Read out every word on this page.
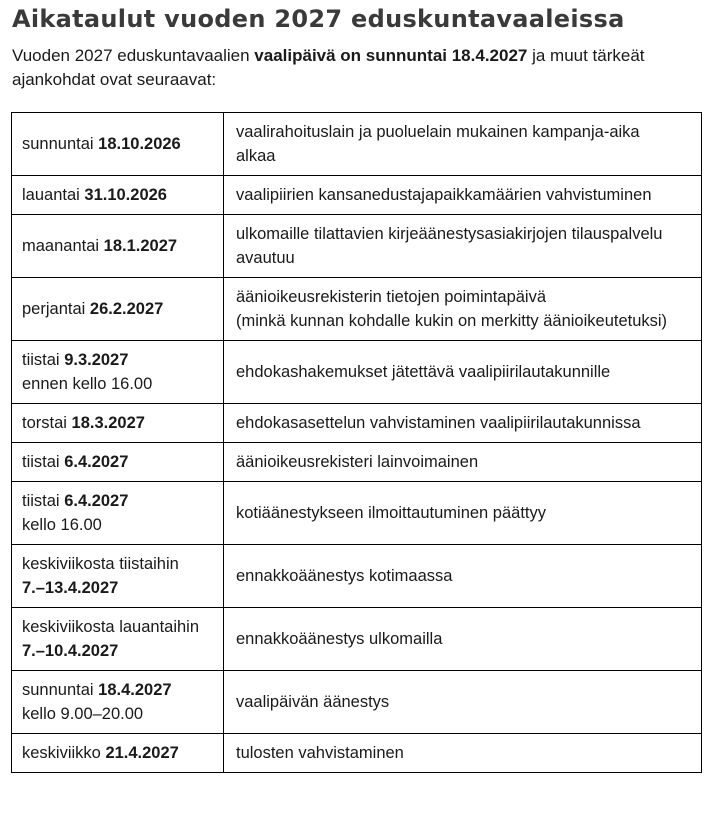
Aikataulut vuoden 2027 eduskuntavaaleissa

Vuoden 2027 eduskuntavaalien vaalipäivä on sunnuntai 18.4.2027 ja muut tärkeät ajankohdat ovat seuraavat:

sunnuntai 18.10.2026	vaalirahoituslain ja puoluelain mukainen kampanja-aika alkaa
lauantai 31.10.2026	vaalipiirien kansanedustajapaikkamäärien vahvistuminen
maanantai 18.1.2027	ulkomaille tilattavien kirjeäänestysasiakirjojen tilauspalvelu avautuu
perjantai 26.2.2027	äänioikeusrekisterin tietojen poimintapäivä
(minkä kunnan kohdalle kukin on merkitty äänioikeutetuksi)
tiistai 9.3.2027
ennen kello 16.00	ehdokashakemukset jätettävä vaalipiirilautakunnille
torstai 18.3.2027	ehdokasasettelun vahvistaminen vaalipiirilautakunnissa
tiistai 6.4.2027	äänioikeusrekisteri lainvoimainen
tiistai 6.4.2027
kello 16.00	kotiäänestykseen ilmoittautuminen päättyy
keskiviikosta tiistaihin
7.–13.4.2027	ennakkoäänestys kotimaassa
keskiviikosta lauantaihin
7.–10.4.2027	ennakkoäänestys ulkomailla
sunnuntai 18.4.2027
kello 9.00–20.00	vaalipäivän äänestys
keskiviikko 21.4.2027	tulosten vahvistaminen
